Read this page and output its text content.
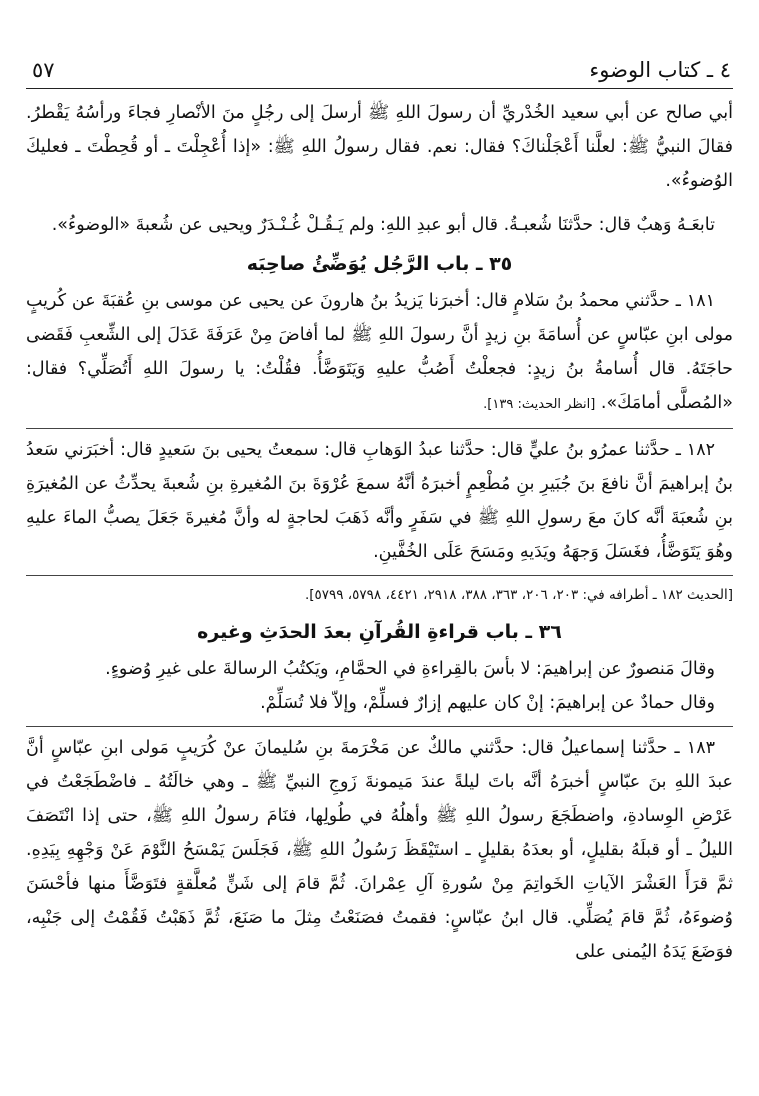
٤ ـ كتاب الوضوء
٥٧

أبي صالح عن أبي سعيد الخُدْريِّ أن رسولَ اللهِ ﷺ أرسلَ إلى رجُلٍ منَ الأنْصارِ فجاءَ ورأسُهُ يَقْطرُ. فقالَ النبيُّ ﷺ: لعلَّنا أَعْجَلْناكَ؟ فقال: نعم. فقال رسولُ اللهِ ﷺ: «إذا أُعْجِلْتَ ـ أو قُحِطْتَ ـ فعليكَ الوُضوءُ».

تابعَـهُ وَهبٌ قال: حدَّثنَا شُعبـةُ. قال أبو عبدِ اللهِ: ولم يَـقُـلْ غُـنْـدَرٌ ويحيى عن شُعبةَ «الوضوءُ».

٣٥ ـ باب الرَّجُل يُوَضِّئُ صاحِبَه

١٨١ ـ حدَّثني محمدُ بنُ سَلامٍ قال: أخبرَنا يَزيدُ بنُ هارونَ عن يحيى عن موسى بنِ عُقبَةَ عن كُريبٍ مولى ابنِ عبّاسٍ عن أُسامَةَ بنِ زيدٍ أنَّ رسولَ اللهِ ﷺ لما أفاضَ مِنْ عَرَفَةَ عَدَلَ إلى الشِّعبِ فَقَضى حاجَتَهُ. قال أُسامةُ بنُ زيدٍ: فجعلْتُ أَصُبُّ عليهِ وَيَتَوَضَّأُ. فقُلْتُ: يا رسولَ اللهِ أَتُصَلِّي؟ فقال: «المُصلَّى أمامَكَ». [انظر الحديث: ١٣٩].

١٨٢ ـ حدَّثنا عمرُو بنُ عليٍّ قال: حدَّثنا عبدُ الوَهابِ قال: سمعتُ يحيى بنَ سَعيدٍ قال: أخبَرَني سَعدُ بنُ إبراهيمَ أنَّ نافعَ بنَ جُبَيرِ بنِ مُطْعِمٍ أخبرَهُ أنَّهُ سمعَ عُرْوَةَ بنَ المُغيرةِ بنِ شُعبةَ يحدِّثُ عن المُغيرَةِ بنِ شُعبَةَ أنَّه كانَ معَ رسولِ اللهِ ﷺ في سَفَرٍ وأنَّه ذَهَبَ لحاجةٍ له وأنَّ مُغيرةَ جَعَلَ يصبُّ الماءَ عليهِ وهُوَ يَتَوَضَّأُ، فغَسَلَ وَجهَهُ ويَدَيهِ ومَسَحَ عَلَى الخُفَّينِ.

[الحديث ١٨٢ ـ أطرافه في: ٢٠٣، ٢٠٦، ٣٦٣، ٣٨٨، ٢٩١٨، ٤٤٢١، ٥٧٩٨، ٥٧٩٩].

٣٦ ـ باب قراءةِ القُرآنِ بعدَ الحدَثِ وغيره

وقالَ مَنصورٌ عن إبراهيمَ: لا بأسَ بالقِراءةِ في الحمَّامِ، ويَكتُبُ الرسالةَ على غيرِ وُضوءٍ.

وقال حمادٌ عن إبراهيمَ: إنْ كان عليهم إزارٌ فسلِّمْ، وإلاّ فلا تُسَلِّمْ.

١٨٣ ـ حدَّثنا إسماعيلُ قال: حدَّثني مالكٌ عن مَخْرَمةَ بنِ سُليمانَ عنْ كُرَيبٍ مَولى ابنِ عبّاسٍ أنَّ عبدَ اللهِ بنَ عبّاسٍ أخبرَهُ أنَّه باتَ ليلةً عندَ مَيمونةَ زَوجِ النبيِّ ﷺ ـ وهي خالَتُهُ ـ فاضْطَجَعْتُ في عَرْضِ الوِسادةِ، واضطَجَعَ رسولُ اللهِ ﷺ وأهلُهُ في طُولِها، فنَامَ رسولُ اللهِ ﷺ، حتى إذا انْتَصَفَ الليلُ ـ أو قبلَهُ بقليلٍ، أو بعدَهُ بقليلٍ ـ استَيْقَظَ رَسُولُ اللهِ ﷺ، فَجَلَسَ يَمْسَحُ النَّوْمَ عَنْ وَجْهِهِ بِيَدِهِ. ثمَّ قرَأَ العَشْرَ الآياتِ الخَواتِمَ مِنْ سُورةِ آلِ عِمْرانَ. ثُمَّ قامَ إلى شَنٍّ مُعلَّقةٍ فتَوَضَّأَ منها فأحْسَنَ وُضوءَهُ، ثُمَّ قامَ يُصَلِّي. قال ابنُ عبّاسٍ: فقمتُ فصَنَعْتُ مِثلَ ما صَنَعَ، ثُمَّ ذَهَبْتُ فَقُمْتُ إلى جَنْبِه، فوَضَعَ يَدَهُ اليُمنى على
